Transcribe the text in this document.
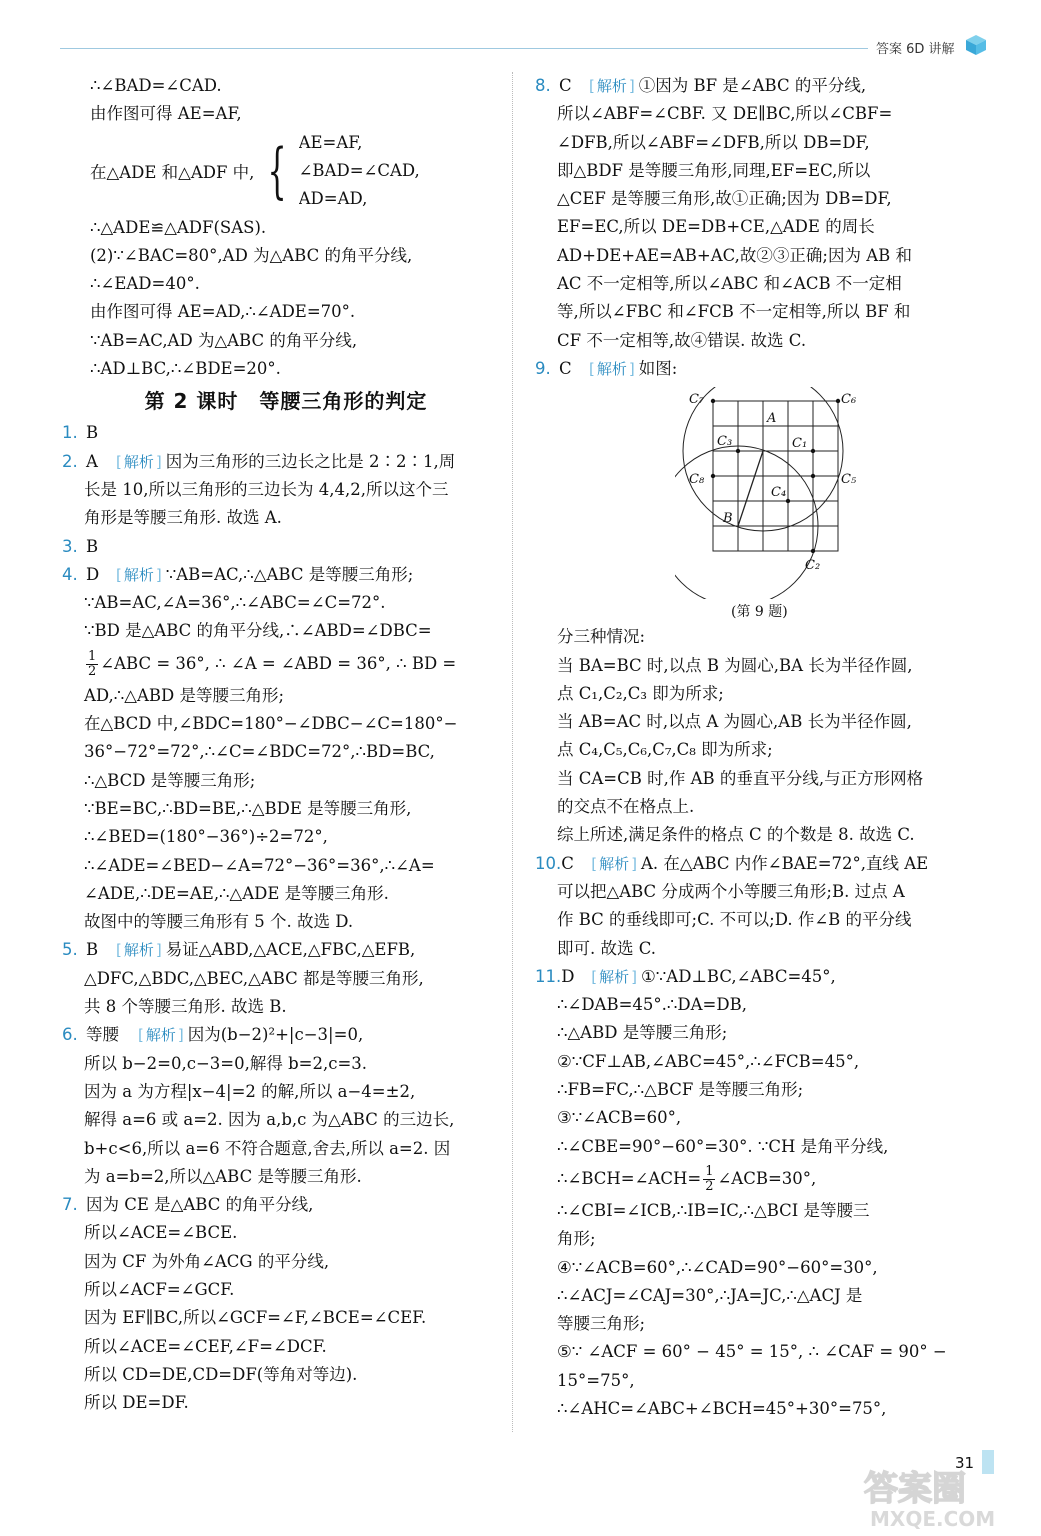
答案 6D 讲解
∴∠BAD=∠CAD.
由作图可得 AE=AF,
在△ADE 和△ADF 中, { AE=AF,
∠BAD=∠CAD,
AD=AD,
∴△ADE≌△ADF(SAS).
(2)∵∠BAC=80°,AD 为△ABC 的角平分线,
∴∠EAD=40°.
由作图可得 AE=AD,∴∠ADE=70°.
∵AB=AC,AD 为△ABC 的角平分线,
∴AD⊥BC,∴∠BDE=20°.
第 2 课时　等腰三角形的判定
1. B
2. A [ 解析 ] 因为三角形的三边长之比是 2∶2∶1,周
长是 10,所以三角形的三边长为 4,4,2,所以这个三
角形是等腰三角形. 故选 A.
3. B
4. D [ 解析 ] ∵AB=AC,∴△ABC 是等腰三角形;
∵AB=AC,∠A=36°,∴∠ABC=∠C=72°.
∵BD 是△ABC 的角平分线,∴∠ABD=∠DBC=
$\frac{1}{2}$ ∠ABC = 36°, ∴ ∠A = ∠ABD = 36°, ∴ BD =
AD,∴△ABD 是等腰三角形;
在△BCD 中,∠BDC=180°−∠DBC−∠C=180°−
36°−72°=72°,∴∠C=∠BDC=72°,∴BD=BC,
∴△BCD 是等腰三角形;
∵BE=BC,∴BD=BE,∴△BDE 是等腰三角形,
∴∠BED=(180°−36°)÷2=72°,
∴∠ADE=∠BED−∠A=72°−36°=36°,∴∠A=
∠ADE,∴DE=AE,∴△ADE 是等腰三角形.
故图中的等腰三角形有 5 个. 故选 D.
5. B [ 解析 ] 易证△ABD,△ACE,△FBC,△EFB,
△DFC,△BDC,△BEC,△ABC 都是等腰三角形,
共 8 个等腰三角形. 故选 B.
6. 等腰 [ 解析 ] 因为(b−2)²+|c−3|=0,
所以 b−2=0,c−3=0,解得 b=2,c=3.
因为 a 为方程|x−4|=2 的解,所以 a−4=±2,
解得 a=6 或 a=2. 因为 a,b,c 为△ABC 的三边长,
b+c<6,所以 a=6 不符合题意,舍去,所以 a=2. 因
为 a=b=2,所以△ABC 是等腰三角形.
7. 因为 CE 是△ABC 的角平分线,
所以∠ACE=∠BCE.
因为 CF 为外角∠ACG 的平分线,
所以∠ACF=∠GCF.
因为 EF∥BC,所以∠GCF=∠F,∠BCE=∠CEF.
所以∠ACE=∠CEF,∠F=∠DCF.
所以 CD=DE,CD=DF(等角对等边).
所以 DE=DF.
8. C [ 解析 ] ①因为 BF 是∠ABC 的平分线,
所以∠ABF=∠CBF. 又 DE∥BC,所以∠CBF=
∠DFB,所以∠ABF=∠DFB,所以 DB=DF,
即△BDF 是等腰三角形,同理,EF=EC,所以
△CEF 是等腰三角形,故①正确;因为 DB=DF,
EF=EC,所以 DE=DB+CE,△ADE 的周长
AD+DE+AE=AB+AC,故②③正确;因为 AB 和
AC 不一定相等,所以∠ABC 和∠ACB 不一定相
等,所以∠FBC 和∠FCB 不一定相等,所以 BF 和
CF 不一定相等,故④错误. 故选 C.
9. C [ 解析 ] 如图:
C₇	C₆
C₃
A
C₁
C₈	C₅
C₄
B
C₂
(第 9 题)
分三种情况:
当 BA=BC 时,以点 B 为圆心,BA 长为半径作圆,
点 C₁,C₂,C₃ 即为所求;
当 AB=AC 时,以点 A 为圆心,AB 长为半径作圆,
点 C₄,C₅,C₆,C₇,C₈ 即为所求;
当 CA=CB 时,作 AB 的垂直平分线,与正方形网格
的交点不在格点上.
综上所述,满足条件的格点 C 的个数是 8. 故选 C.
10.C [ 解析 ] A. 在△ABC 内作∠BAE=72°,直线 AE
可以把△ABC 分成两个小等腰三角形;B. 过点 A
作 BC 的垂线即可;C. 不可以;D. 作∠B 的平分线
即可. 故选 C.
11.D [ 解析 ] ①∵AD⊥BC,∠ABC=45°,
∴∠DAB=45°.∴DA=DB,
∴△ABD 是等腰三角形;
②∵CF⊥AB,∠ABC=45°,∴∠FCB=45°,
∴FB=FC,∴△BCF 是等腰三角形;
③∵∠ACB=60°,
∴∠CBE=90°−60°=30°. ∵CH 是角平分线,
∴∠BCH=∠ACH= $\frac{1}{2}$ ∠ACB=30°,
∴∠CBI=∠ICB,∴IB=IC,∴△BCI 是等腰三
角形;
④∵∠ACB=60°,∴∠CAD=90°−60°=30°,
∴∠ACJ=∠CAJ=30°,∴JA=JC,∴△ACJ 是
等腰三角形;
⑤∵ ∠ACF = 60° − 45° = 15°, ∴ ∠CAF = 90° −
15°=75°,
∴∠AHC=∠ABC+∠BCH=45°+30°=75°,
31
答案圈
MXQE.COM
